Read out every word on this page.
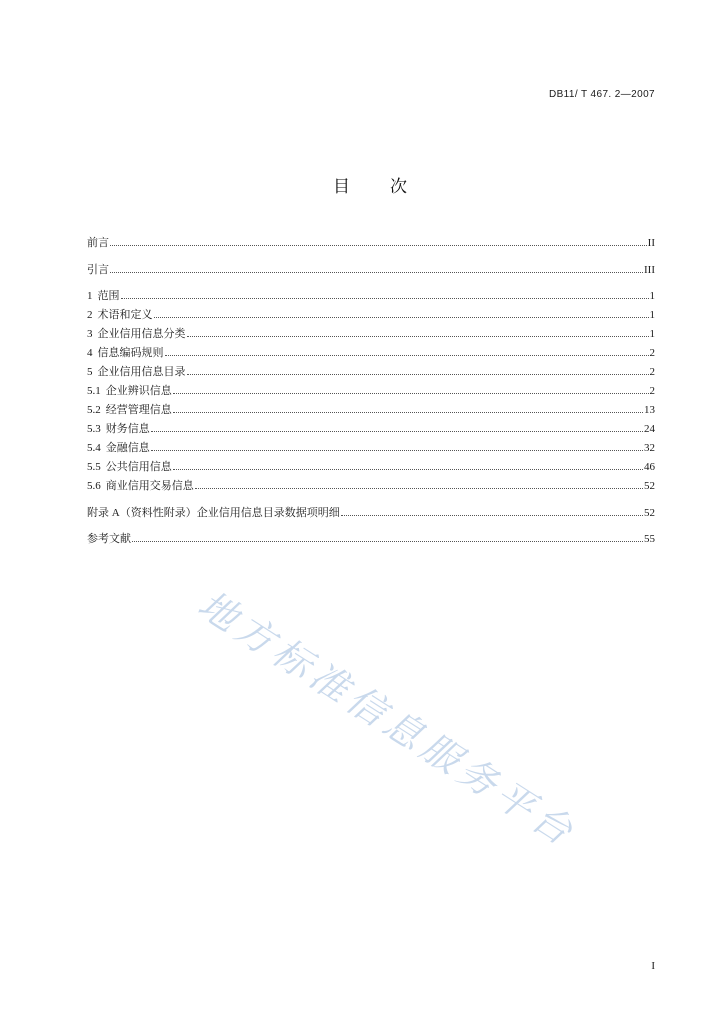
DB11/ T 467. 2—2007
目　　次
地方标准信息服务平台
前言	II
引言	III
1 范围	1
2 术语和定义	1
3 企业信用信息分类	1
4 信息编码规则	2
5 企业信用信息目录	2
5.1 企业辨识信息	2
5.2 经营管理信息	13
5.3 财务信息	24
5.4 金融信息	32
5.5 公共信用信息	46
5.6 商业信用交易信息	52
附录 A（资料性附录）企业信用信息目录数据项明细	52
参考文献	55
I
